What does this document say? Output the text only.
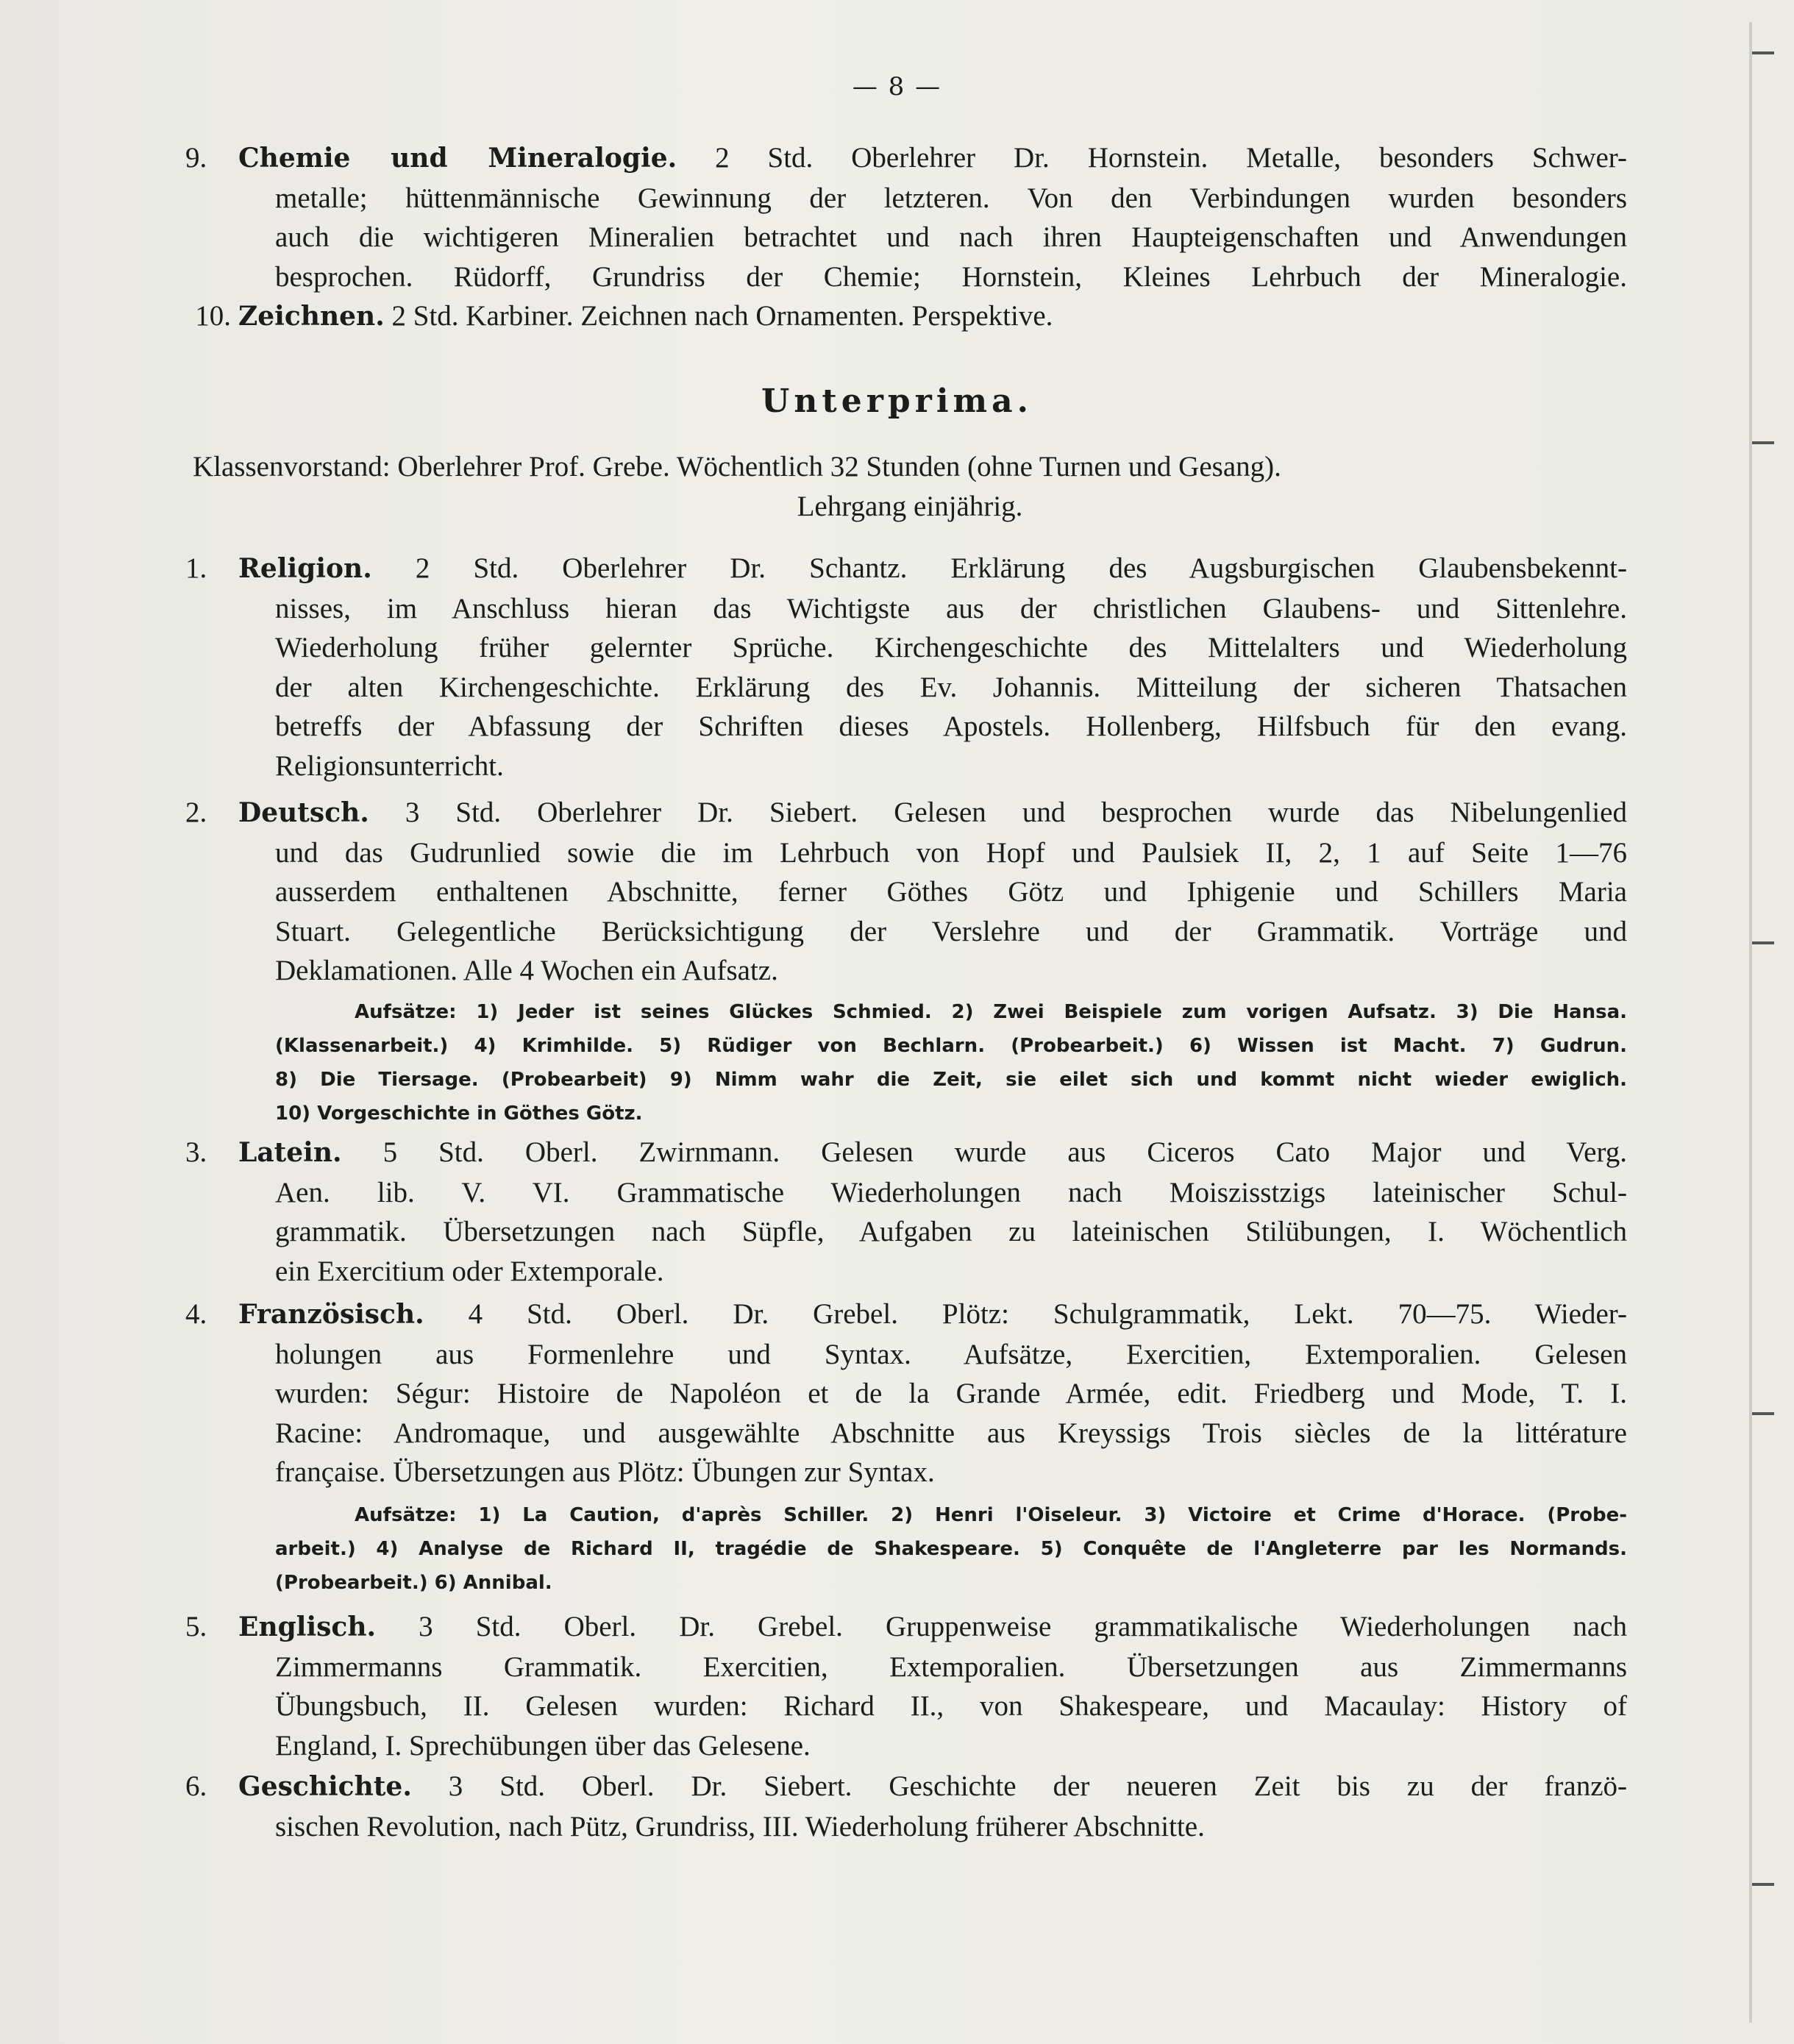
— 8 —
9. Chemie und Mineralogie. 2 Std. Oberlehrer Dr. Hornstein. Metalle, besonders Schwer-
metalle; hüttenmännische Gewinnung der letzteren. Von den Verbindungen wurden besonders
auch die wichtigeren Mineralien betrachtet und nach ihren Haupteigenschaften und Anwendungen
besprochen. Rüdorff, Grundriss der Chemie; Hornstein, Kleines Lehrbuch der Mineralogie.
10. Zeichnen. 2 Std. Karbiner. Zeichnen nach Ornamenten. Perspektive.
Unterprima.
Klassenvorstand: Oberlehrer Prof. Grebe. Wöchentlich 32 Stunden (ohne Turnen und Gesang).
Lehrgang einjährig.
1. Religion. 2 Std. Oberlehrer Dr. Schantz. Erklärung des Augsburgischen Glaubensbekennt-
nisses, im Anschluss hieran das Wichtigste aus der christlichen Glaubens- und Sittenlehre.
Wiederholung früher gelernter Sprüche. Kirchengeschichte des Mittelalters und Wiederholung
der alten Kirchengeschichte. Erklärung des Ev. Johannis. Mitteilung der sicheren Thatsachen
betreffs der Abfassung der Schriften dieses Apostels. Hollenberg, Hilfsbuch für den evang.
Religionsunterricht.
2. Deutsch. 3 Std. Oberlehrer Dr. Siebert. Gelesen und besprochen wurde das Nibelungenlied
und das Gudrunlied sowie die im Lehrbuch von Hopf und Paulsiek II, 2, 1 auf Seite 1—76
ausserdem enthaltenen Abschnitte, ferner Göthes Götz und Iphigenie und Schillers Maria
Stuart. Gelegentliche Berücksichtigung der Verslehre und der Grammatik. Vorträge und
Deklamationen. Alle 4 Wochen ein Aufsatz.
Aufsätze: 1) Jeder ist seines Glückes Schmied. 2) Zwei Beispiele zum vorigen Aufsatz. 3) Die Hansa.
(Klassenarbeit.) 4) Krimhilde. 5) Rüdiger von Bechlarn. (Probearbeit.) 6) Wissen ist Macht. 7) Gudrun.
8) Die Tiersage. (Probearbeit) 9) Nimm wahr die Zeit, sie eilet sich und kommt nicht wieder ewiglich.
10) Vorgeschichte in Göthes Götz.
3. Latein. 5 Std. Oberl. Zwirnmann. Gelesen wurde aus Ciceros Cato Major und Verg.
Aen. lib. V. VI. Grammatische Wiederholungen nach Moiszisstzigs lateinischer Schul-
grammatik. Übersetzungen nach Süpfle, Aufgaben zu lateinischen Stilübungen, I. Wöchentlich
ein Exercitium oder Extemporale.
4. Französisch. 4 Std. Oberl. Dr. Grebel. Plötz: Schulgrammatik, Lekt. 70—75. Wieder-
holungen aus Formenlehre und Syntax. Aufsätze, Exercitien, Extemporalien. Gelesen
wurden: Ségur: Histoire de Napoléon et de la Grande Armée, edit. Friedberg und Mode, T. I.
Racine: Andromaque, und ausgewählte Abschnitte aus Kreyssigs Trois siècles de la littérature
française. Übersetzungen aus Plötz: Übungen zur Syntax.
Aufsätze: 1) La Caution, d'après Schiller. 2) Henri l'Oiseleur. 3) Victoire et Crime d'Horace. (Probe-
arbeit.) 4) Analyse de Richard II, tragédie de Shakespeare. 5) Conquête de l'Angleterre par les Normands.
(Probearbeit.) 6) Annibal.
5. Englisch. 3 Std. Oberl. Dr. Grebel. Gruppenweise grammatikalische Wiederholungen nach
Zimmermanns Grammatik. Exercitien, Extemporalien. Übersetzungen aus Zimmermanns
Übungsbuch, II. Gelesen wurden: Richard II., von Shakespeare, und Macaulay: History of
England, I. Sprechübungen über das Gelesene.
6. Geschichte. 3 Std. Oberl. Dr. Siebert. Geschichte der neueren Zeit bis zu der franzö-
sischen Revolution, nach Pütz, Grundriss, III. Wiederholung früherer Abschnitte.
